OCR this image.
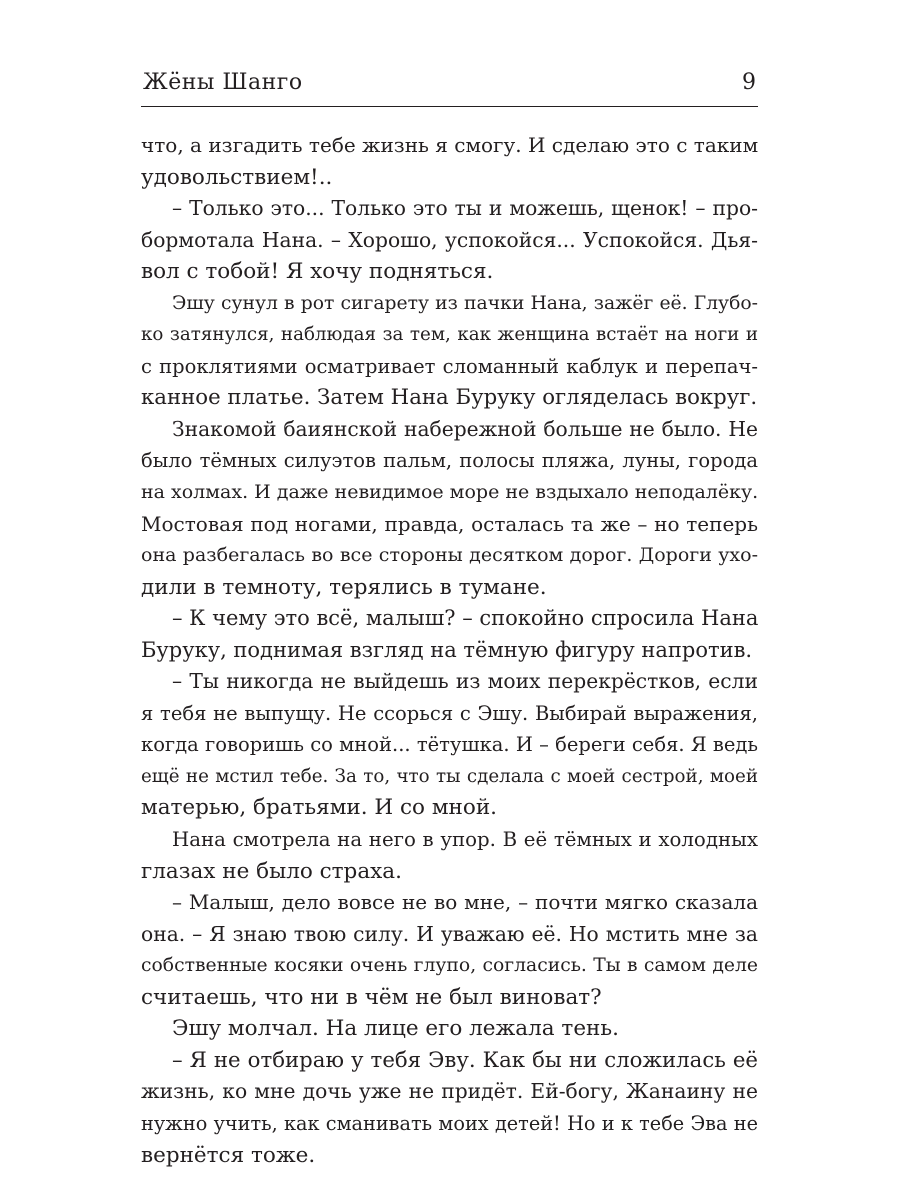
Жёны Шанго	9
что, а изгадить тебе жизнь я смогу. И сделаю это с таким
удовольствием!..
– Только это... Только это ты и можешь, щенок! – про-
бормотала Нана. – Хорошо, успокойся... Успокойся. Дья-
вол с тобой! Я хочу подняться.
Эшу сунул в рот сигарету из пачки Нана, зажёг её. Глубо-
ко затянулся, наблюдая за тем, как женщина встаёт на ноги и
с проклятиями осматривает сломанный каблук и перепач-
канное платье. Затем Нана Буруку огляделась вокруг.
Знакомой баиянской набережной больше не было. Не
было тёмных силуэтов пальм, полосы пляжа, луны, города
на холмах. И даже невидимое море не вздыхало неподалёку.
Мостовая под ногами, правда, осталась та же – но теперь
она разбегалась во все стороны десятком дорог. Дороги ухо-
дили в темноту, терялись в тумане.
– К чему это всё, малыш? – спокойно спросила Нана
Буруку, поднимая взгляд на тёмную фигуру напротив.
– Ты никогда не выйдешь из моих перекрёстков, если
я тебя не выпущу. Не ссорься с Эшу. Выбирай выражения,
когда говоришь со мной... тётушка. И – береги себя. Я ведь
ещё не мстил тебе. За то, что ты сделала с моей сестрой, моей
матерью, братьями. И со мной.
Нана смотрела на него в упор. В её тёмных и холодных
глазах не было страха.
– Малыш, дело вовсе не во мне, – почти мягко сказала
она. – Я знаю твою силу. И уважаю её. Но мстить мне за
собственные косяки очень глупо, согласись. Ты в самом деле
считаешь, что ни в чём не был виноват?
Эшу молчал. На лице его лежала тень.
– Я не отбираю у тебя Эву. Как бы ни сложилась её
жизнь, ко мне дочь уже не придёт. Ей-богу, Жанаину не
нужно учить, как сманивать моих детей! Но и к тебе Эва не
вернётся тоже.
